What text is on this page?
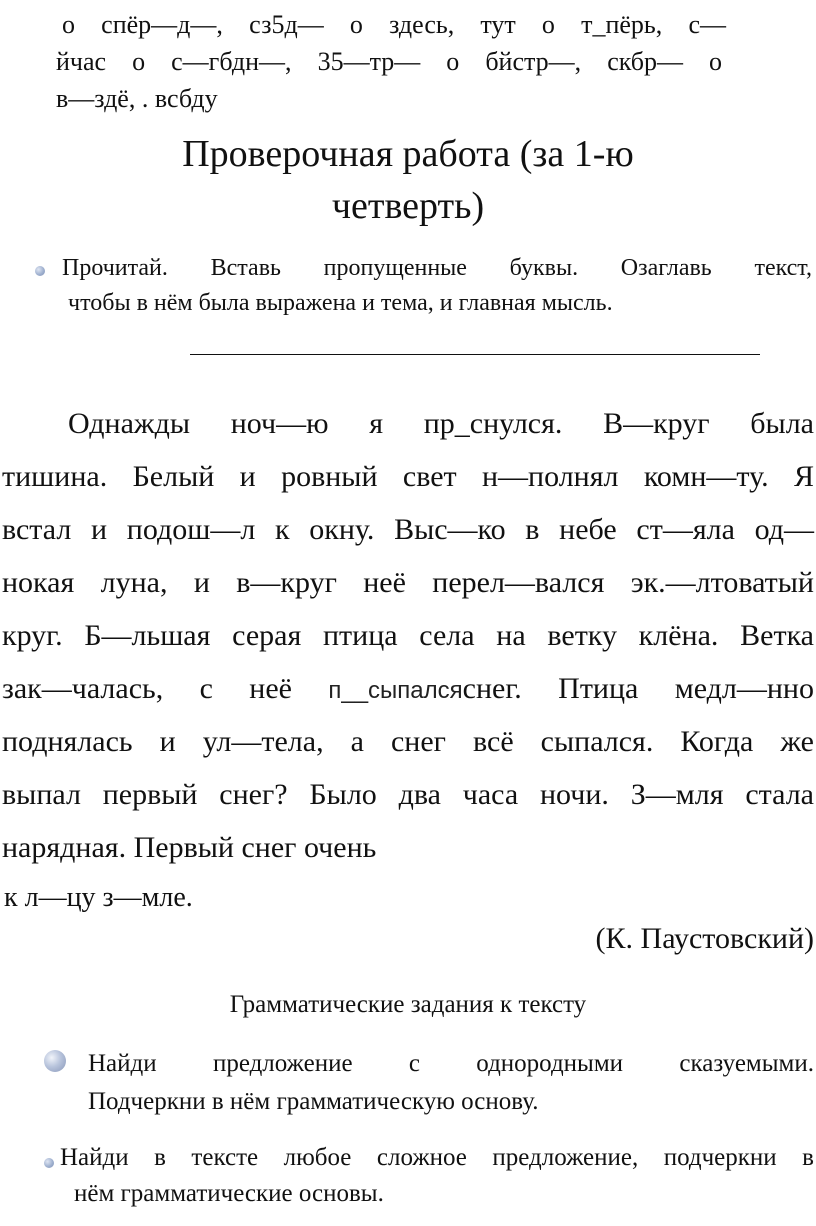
о спёр—д—, сз5д— о здесь, тут о т_пёрь, с—
йчас о с—гбдн—, 35—тр— о бйстр—, скбр— о
в—здё, . всбду
Проверочная работа (за 1-ю
четверть)
Прочитай. Вставь пропущенные буквы. Озаглавь текст,
чтобы в нём была выражена и тема, и главная мысль.
Однажды ноч—ю я пр_снулся. В—круг была
тишина. Белый и ровный свет н—полнял комн—ту. Я
встал и подош—л к окну. Выс—ко в небе ст—яла од—
нокая луна, и в—круг неё перел—вался эк.—лтоватый
круг. Б—льшая серая птица села на ветку клёна. Ветка
зак—чалась, с неё п__сыпалсяснег. Птица медл—нно
поднялась и ул—тела, а снег всё сыпался. Когда же
выпал первый снег? Было два часа ночи. З—мля стала
нарядная. Первый снег очень
к л—цу з—мле.
(К. Паустовский)
Грамматические задания к тексту
Найди предложение с однородными сказуемыми.
Подчеркни в нём грамматическую основу.
Найди в тексте любое сложное предложение, подчеркни в
нём грамматические основы.
